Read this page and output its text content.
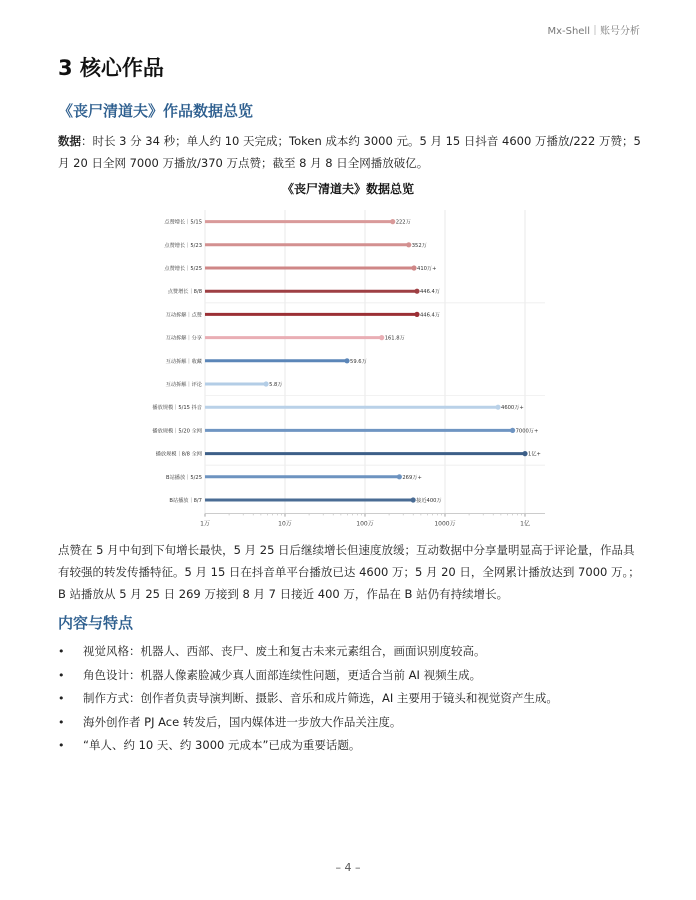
Mx-Shell｜账号分析
3 核心作品
《丧尸清道夫》作品数据总览

数据：时长 3 分 34 秒；单人约 10 天完成；Token 成本约 3000 元。5 月 15 日抖音 4600 万播放/222 万赞；5 月 20 日全网 7000 万播放/370 万点赞；截至 8 月 8 日全网播放破亿。

《丧尸清道夫》数据总览
1万	10万	100万	1000万	1亿
点赞增长｜5/15	222万
点赞增长｜5/23	352万
点赞增长｜5/25	410万+
点赞增长｜8/8	446.4万
互动拆解｜点赞	446.4万
互动拆解｜分享	161.8万
互动拆解｜收藏	59.6万
互动拆解｜评论	5.8万
播放规模｜5/15 抖音	4600万+
播放规模｜5/20 全网	7000万+
播放规模｜8/8 全网	1亿+
B站播放｜5/25	269万+
B站播放｜8/7	接近400万

点赞在 5 月中旬到下旬增长最快，5 月 25 日后继续增长但速度放缓；互动数据中分享量明显高于评论量，作品具有较强的转发传播特征。5 月 15 日在抖音单平台播放已达 4600 万；5 月 20 日，全网累计播放达到 7000 万。；B 站播放从 5 月 25 日 269 万接到 8 月 7 日接近 400 万，作品在 B 站仍有持续增长。

内容与特点
• 视觉风格：机器人、西部、丧尸、废土和复古未来元素组合，画面识别度较高。
• 角色设计：机器人像素脸减少真人面部连续性问题，更适合当前 AI 视频生成。
• 制作方式：创作者负责导演判断、摄影、音乐和成片筛选，AI 主要用于镜头和视觉资产生成。
• 海外创作者 PJ Ace 转发后，国内媒体进一步放大作品关注度。
• “单人、约 10 天、约 3000 元成本”已成为重要话题。
– 4 –
